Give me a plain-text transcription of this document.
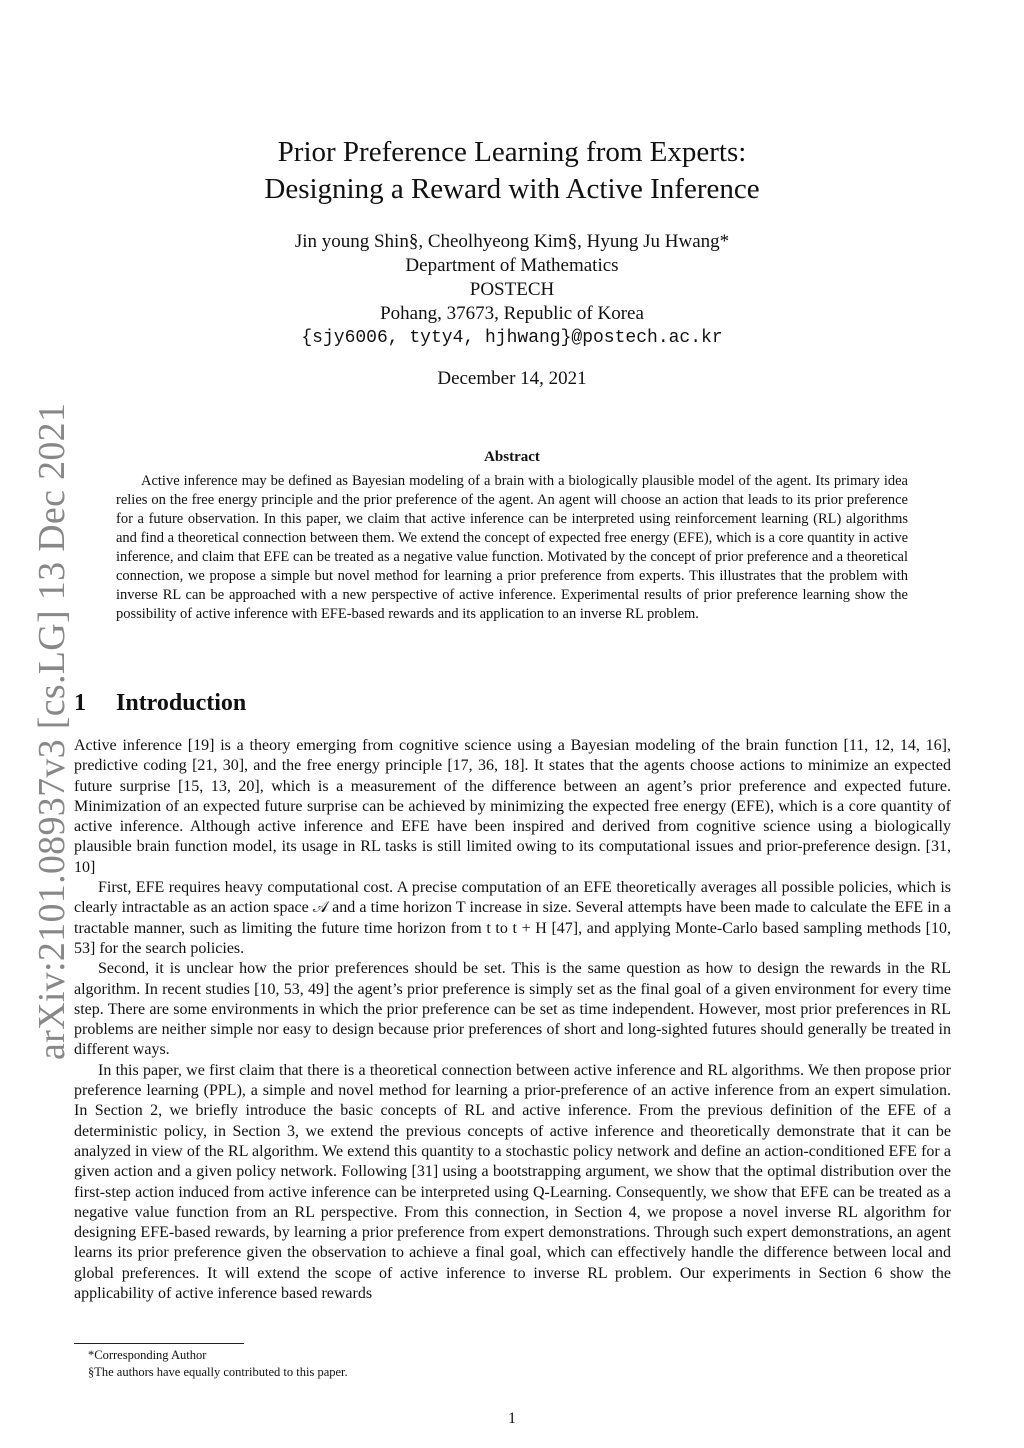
arXiv:2101.08937v3 [cs.LG] 13 Dec 2021
Prior Preference Learning from Experts:
Designing a Reward with Active Inference
Jin young Shin§, Cheolhyeong Kim§, Hyung Ju Hwang*
Department of Mathematics
POSTECH
Pohang, 37673, Republic of Korea
{sjy6006, tyty4, hjhwang}@postech.ac.kr
December 14, 2021
Abstract

Active inference may be defined as Bayesian modeling of a brain with a biologically plausible model of the agent. Its primary idea relies on the free energy principle and the prior preference of the agent. An agent will choose an action that leads to its prior preference for a future observation. In this paper, we claim that active inference can be interpreted using reinforcement learning (RL) algorithms and find a theoretical connection between them. We extend the concept of expected free energy (EFE), which is a core quantity in active inference, and claim that EFE can be treated as a negative value function. Motivated by the concept of prior preference and a theoretical connection, we propose a simple but novel method for learning a prior preference from experts. This illustrates that the problem with inverse RL can be approached with a new perspective of active inference. Experimental results of prior preference learning show the possibility of active inference with EFE-based rewards and its application to an inverse RL problem.

1 Introduction

Active inference [19] is a theory emerging from cognitive science using a Bayesian modeling of the brain function [11, 12, 14, 16], predictive coding [21, 30], and the free energy principle [17, 36, 18]. It states that the agents choose actions to minimize an expected future surprise [15, 13, 20], which is a measurement of the difference between an agent’s prior preference and expected future. Minimization of an expected future surprise can be achieved by minimizing the expected free energy (EFE), which is a core quantity of active inference. Although active inference and EFE have been inspired and derived from cognitive science using a biologically plausible brain function model, its usage in RL tasks is still limited owing to its computational issues and prior-preference design. [31, 10]

First, EFE requires heavy computational cost. A precise computation of an EFE theoretically averages all possible policies, which is clearly intractable as an action space 𝒜 and a time horizon T increase in size. Several attempts have been made to calculate the EFE in a tractable manner, such as limiting the future time horizon from t to t + H [47], and applying Monte-Carlo based sampling methods [10, 53] for the search policies.

Second, it is unclear how the prior preferences should be set. This is the same question as how to design the rewards in the RL algorithm. In recent studies [10, 53, 49] the agent’s prior preference is simply set as the final goal of a given environment for every time step. There are some environments in which the prior preference can be set as time independent. However, most prior preferences in RL problems are neither simple nor easy to design because prior preferences of short and long-sighted futures should generally be treated in different ways.

In this paper, we first claim that there is a theoretical connection between active inference and RL algorithms. We then propose prior preference learning (PPL), a simple and novel method for learning a prior-preference of an active inference from an expert simulation. In Section 2, we briefly introduce the basic concepts of RL and active inference. From the previous definition of the EFE of a deterministic policy, in Section 3, we extend the previous concepts of active inference and theoretically demonstrate that it can be analyzed in view of the RL algorithm. We extend this quantity to a stochastic policy network and define an action-conditioned EFE for a given action and a given policy network. Following [31] using a bootstrapping argument, we show that the optimal distribution over the first-step action induced from active inference can be interpreted using Q-Learning. Consequently, we show that EFE can be treated as a negative value function from an RL perspective. From this connection, in Section 4, we propose a novel inverse RL algorithm for designing EFE-based rewards, by learning a prior preference from expert demonstrations. Through such expert demonstrations, an agent learns its prior preference given the observation to achieve a final goal, which can effectively handle the difference between local and global preferences. It will extend the scope of active inference to inverse RL problem. Our experiments in Section 6 show the applicability of active inference based rewards

*Corresponding Author
§The authors have equally contributed to this paper.
1
